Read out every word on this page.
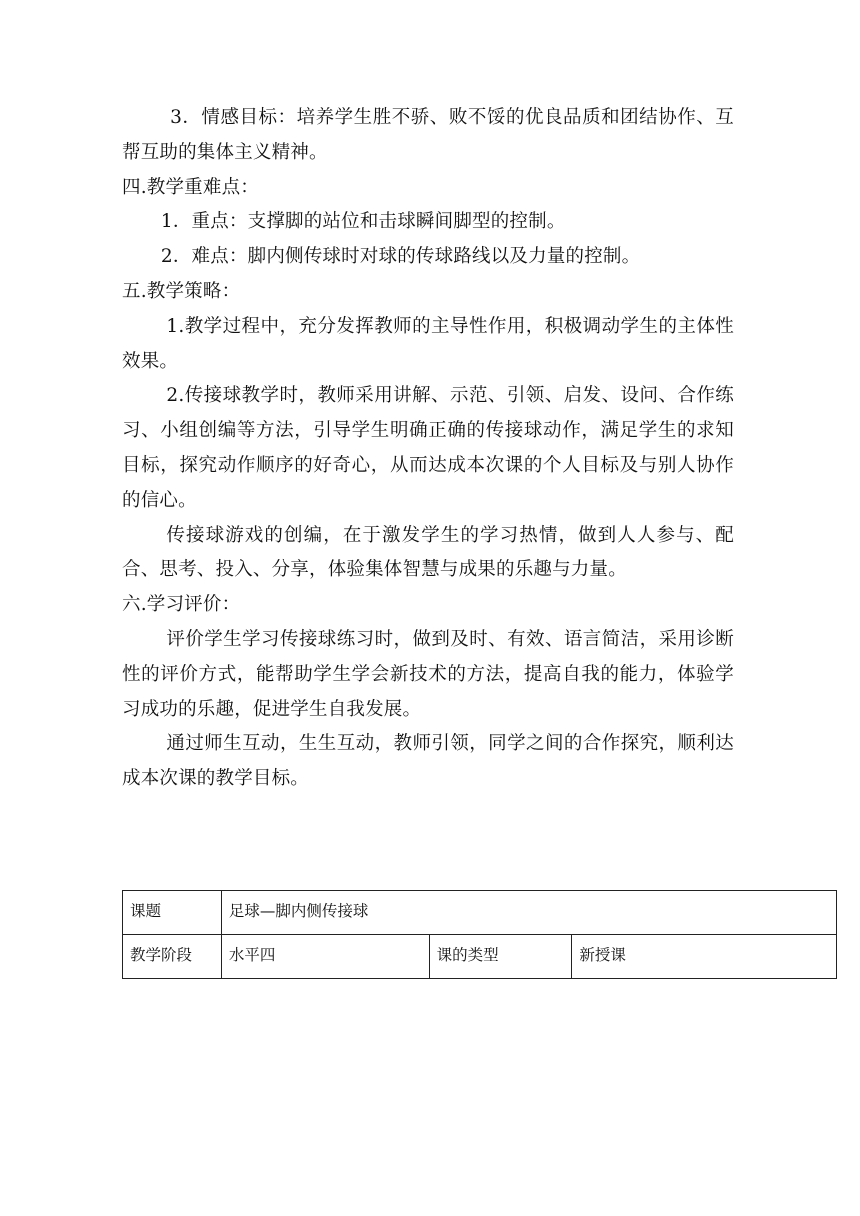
3．情感目标：培养学生胜不骄、败不馁的优良品质和团结协作、互帮互助的集体主义精神。

四.教学重难点：

1．重点：支撑脚的站位和击球瞬间脚型的控制。

2．难点：脚内侧传球时对球的传球路线以及力量的控制。

五.教学策略：

1.教学过程中，充分发挥教师的主导性作用，积极调动学生的主体性效果。

2.传接球教学时，教师采用讲解、示范、引领、启发、设问、合作练习、小组创编等方法，引导学生明确正确的传接球动作，满足学生的求知目标，探究动作顺序的好奇心，从而达成本次课的个人目标及与别人协作的信心。

传接球游戏的创编，在于激发学生的学习热情，做到人人参与、配合、思考、投入、分享，体验集体智慧与成果的乐趣与力量。

六.学习评价：

评价学生学习传接球练习时，做到及时、有效、语言简洁，采用诊断性的评价方式，能帮助学生学会新技术的方法，提高自我的能力，体验学习成功的乐趣，促进学生自我发展。

通过师生互动，生生互动，教师引领，同学之间的合作探究，顺利达成本次课的教学目标。

课题	足球—脚内侧传接球		
教学阶段	水平四	课的类型	新授课
